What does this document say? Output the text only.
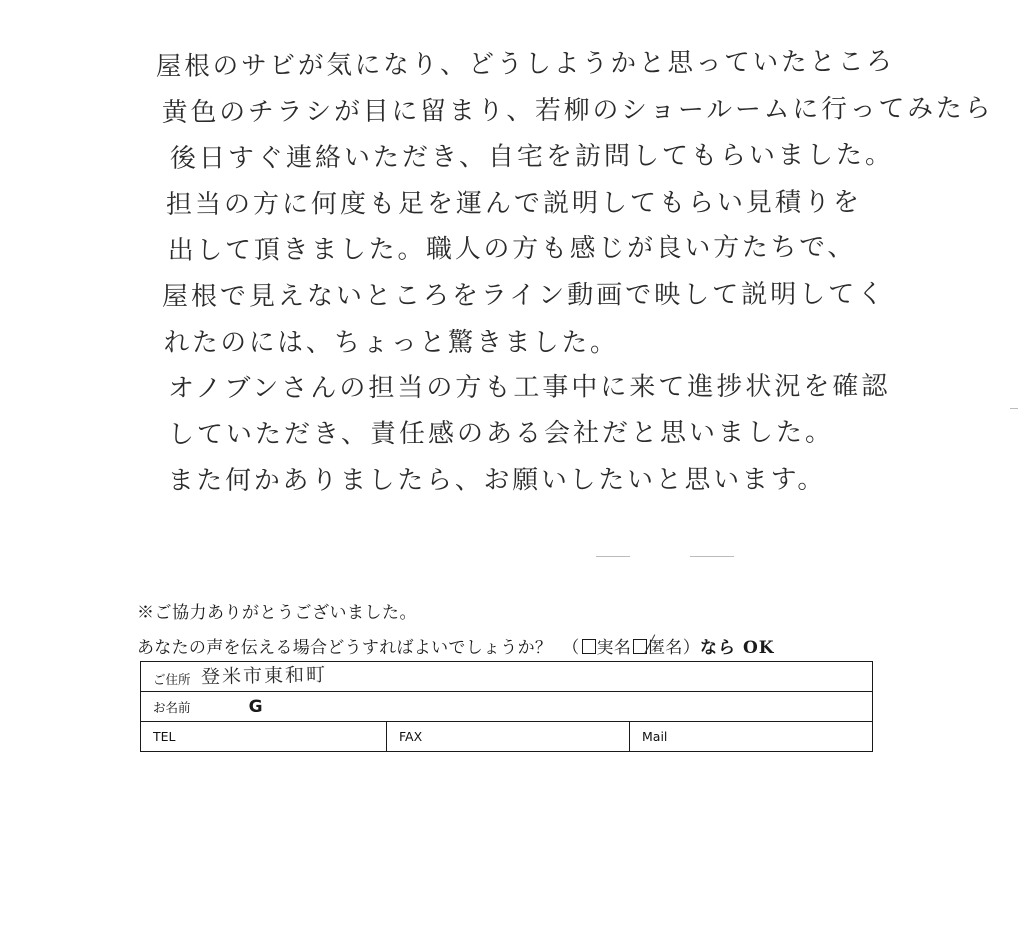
屋根のサビが気になり、どうしようかと思っていたところ
黄色のチラシが目に留まり、若柳のショールームに行ってみたら
後日すぐ連絡いただき、自宅を訪問してもらいました。
担当の方に何度も足を運んで説明してもらい見積りを
出して頂きました。職人の方も感じが良い方たちで、
屋根で見えないところをライン動画で映して説明してく
れたのには、ちょっと驚きました。
オノブンさんの担当の方も工事中に来て進捗状況を確認
していただき、責任感のある会社だと思いました。
また何かありましたら、お願いしたいと思います。
※ご協力ありがとうございました。
あなたの声を伝える場合どうすればよいでしょうか？ （ 実名 匿名 ） なら OK
ご住所 登米市東和町
お名前	G
TEL	FAX	Mail
